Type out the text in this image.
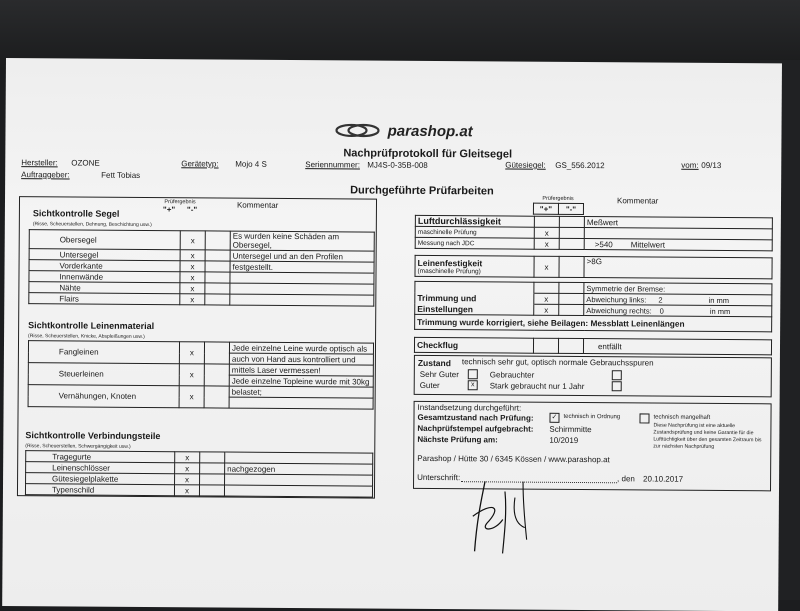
parashop.at
Nachprüfprotokoll für Gleitsegel
Hersteller: OZONE	Gerätetyp: Mojo 4 S	Seriennummer: MJ4S-0-35B-008	Gütesiegel: GS_556.2012	vom: 09/13
Auftraggeber:	Fett Tobias
Durchgeführte Prüfarbeiten
Prüfergebnis
"+" "-"	Kommentar
Sichtkontrolle Segel
(Risse, Scheuerstellen, Dehnung, Beschichtung usw.)
Obersegel	x		Es wurden keine Schäden am Obersegel,
Untersegel	x		Untersegel und an den Profilen
Vorderkante	x		festgestellt.
Innenwände	x		
Nähte	x		
Flairs	x		
Sichtkontrolle Leinenmaterial
(Risse, Scheuerstellen, Knicke, Abspleißungen usw.)
Fangleinen	x		Jede einzelne Leine wurde optisch als
			auch von Hand aus kontrolliert und
Steuerleinen	x		mittels Laser vermessen!
			Jede einzelne Topleine wurde mit 30kg
Vernähungen, Knoten	x		belastet;

Sichtkontrolle Verbindungsteile
(Risse, Scheuerstellen, Schwergängigkeit usw.)
Tragegurte	x		
Leinenschlösser	x		nachgezogen
Gütesiegelplakette	x		
Typenschild	x		
Prüfergebnis	Kommentar
	"+"	"-"	
Luftdurchlässigkeit			Meßwert
maschinelle Prüfung	x		
Messung nach JDC	x		>540 Mittelwert
Leinenfestigkeit
(maschinelle Prüfung)	x		>8G
			Symmetrie der Bremse:
Trimmung und	x		Abweichung links: 2 in mm
Einstellungen	x		Abweichung rechts: 0 in mm
Trimmung wurde korrigiert, siehe Beilagen: Messblatt Leinenlängen			
Checkflug			entfällt
Zustand technisch sehr gut, optisch normale Gebrauchsspuren
Sehr Guter	Gebrauchter
Guter	x	Stark gebraucht nur 1 Jahr
Instandsetzung durchgeführt:
Gesamtzustand nach Prüfung:	✓	technisch in Ordnung	technisch mangelhaft
Nachprüfstempel aufgebracht: Schirmmitte
Nächste Prüfung am:	10/2019
Diese Nachprüfung ist eine aktuelle Zustandsprüfung und keine Garantie für die Lufttüchtigkeit über den gesamten Zeitraum bis zur nächsten Nachprüfung
Parashop / Hütte 30 / 6345 Kössen / www.parashop.at
Unterschrift:	, den 20.10.2017
